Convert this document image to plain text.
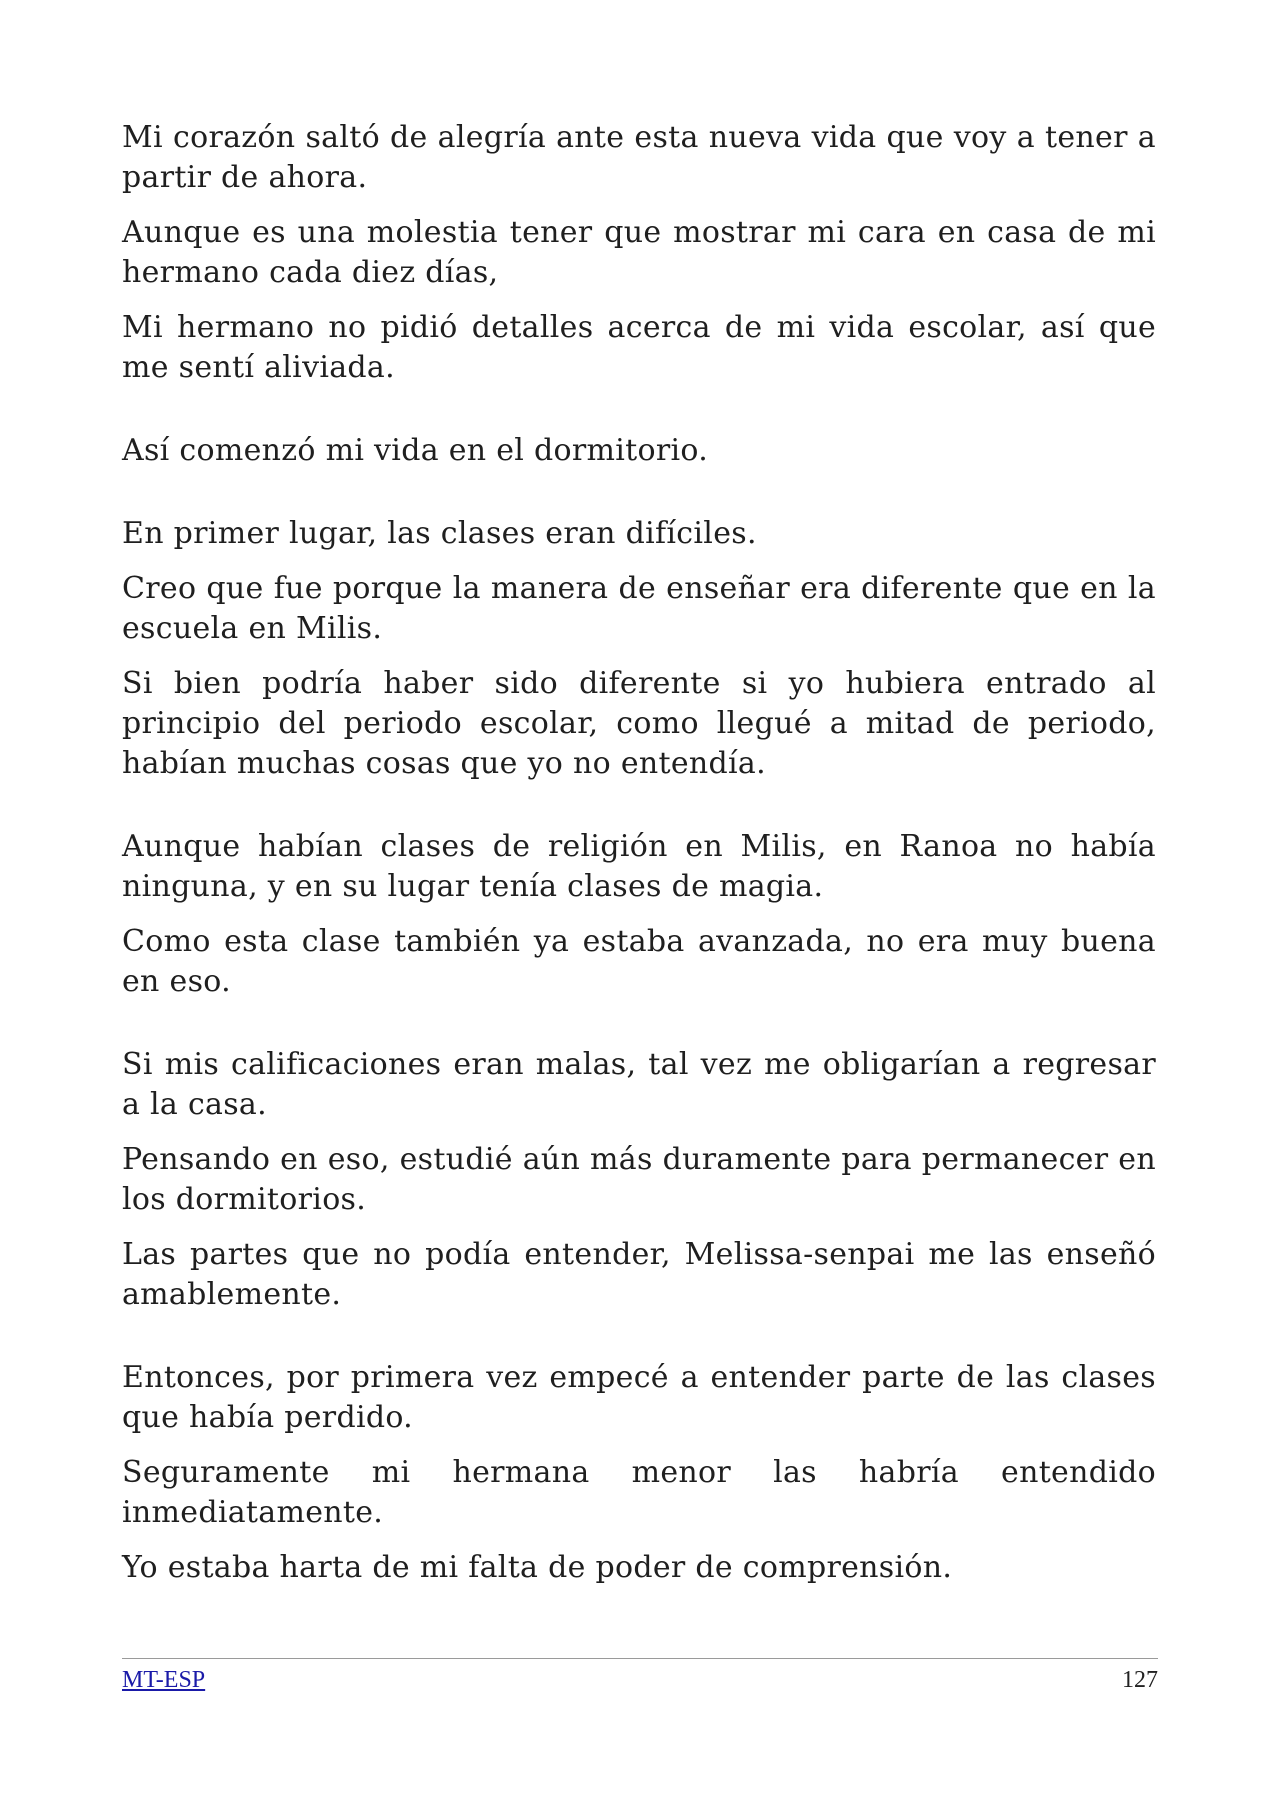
Mi corazón saltó de alegría ante esta nueva vida que voy a tener a partir de ahora.

Aunque es una molestia tener que mostrar mi cara en casa de mi hermano cada diez días,

Mi hermano no pidió detalles acerca de mi vida escolar, así que me sentí aliviada.

Así comenzó mi vida en el dormitorio.

En primer lugar, las clases eran difíciles.

Creo que fue porque la manera de enseñar era diferente que en la escuela en Milis.

Si bien podría haber sido diferente si yo hubiera entrado al principio del periodo escolar, como llegué a mitad de periodo, habían muchas cosas que yo no entendía.

Aunque habían clases de religión en Milis, en Ranoa no había ninguna, y en su lugar tenía clases de magia.

Como esta clase también ya estaba avanzada, no era muy buena en eso.

Si mis calificaciones eran malas, tal vez me obligarían a regresar a la casa.

Pensando en eso, estudié aún más duramente para permanecer en los dormitorios.

Las partes que no podía entender, Melissa-senpai me las enseñó amablemente.

Entonces, por primera vez empecé a entender parte de las clases que había perdido.

Seguramente mi hermana menor las habría entendido inmediatamente.

Yo estaba harta de mi falta de poder de comprensión.

MT-ESP	127
